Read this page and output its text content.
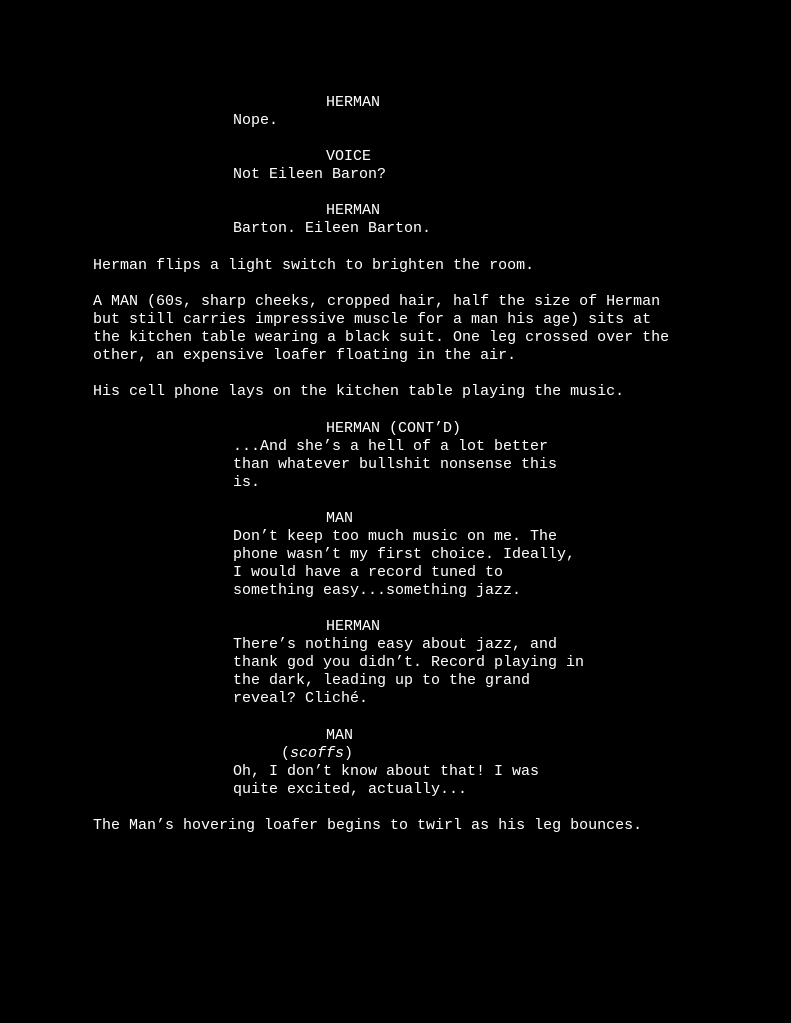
HERMAN
Nope.
VOICE
Not Eileen Baron?
HERMAN
Barton. Eileen Barton.
Herman flips a light switch to brighten the room.
A MAN (60s, sharp cheeks, cropped hair, half the size of Herman
but still carries impressive muscle for a man his age) sits at
the kitchen table wearing a black suit. One leg crossed over the
other, an expensive loafer floating in the air.
His cell phone lays on the kitchen table playing the music.
HERMAN (CONT’D)
...And she’s a hell of a lot better
than whatever bullshit nonsense this
is.
MAN
Don’t keep too much music on me. The
phone wasn’t my first choice. Ideally,
I would have a record tuned to
something easy...something jazz.
HERMAN
There’s nothing easy about jazz, and
thank god you didn’t. Record playing in
the dark, leading up to the grand
reveal? Cliché.
MAN
(scoffs)
Oh, I don’t know about that! I was
quite excited, actually...
The Man’s hovering loafer begins to twirl as his leg bounces.
